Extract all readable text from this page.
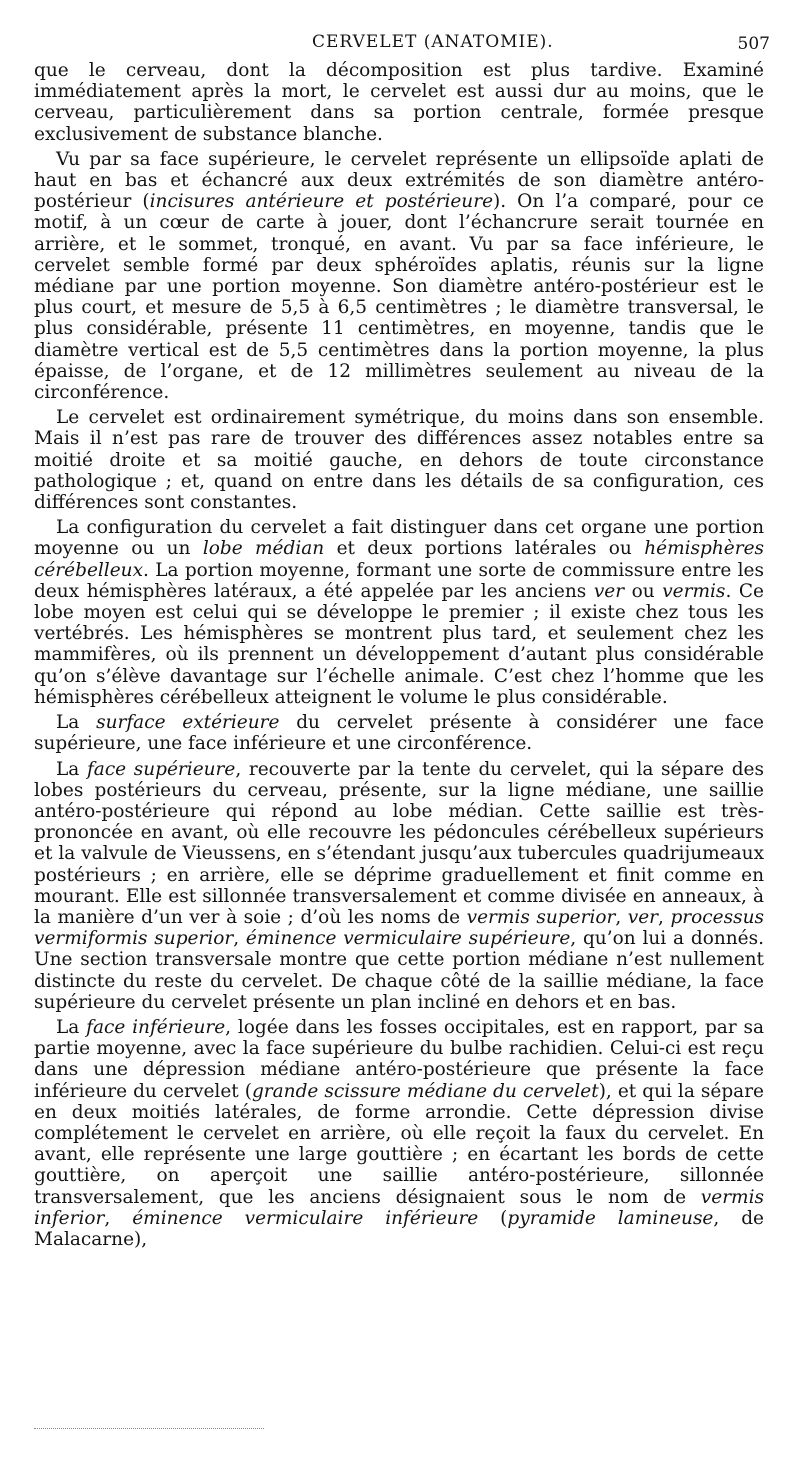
CERVELET (ANATOMIE).	507

que le cerveau, dont la décomposition est plus tardive. Examiné immédiatement après la mort, le cervelet est aussi dur au moins, que le cerveau, particulièrement dans sa portion centrale, formée presque exclusivement de substance blanche.

Vu par sa face supérieure, le cervelet représente un ellipsoïde aplati de haut en bas et échancré aux deux extrémités de son diamètre antéro-postérieur (incisures antérieure et postérieure). On l’a comparé, pour ce motif, à un cœur de carte à jouer, dont l’échancrure serait tournée en arrière, et le sommet, tronqué, en avant. Vu par sa face inférieure, le cervelet semble formé par deux sphéroïdes aplatis, réunis sur la ligne médiane par une portion moyenne. Son diamètre antéro-postérieur est le plus court, et mesure de 5,5 à 6,5 centimètres ; le diamètre transversal, le plus considérable, présente 11 centimètres, en moyenne, tandis que le diamètre vertical est de 5,5 centimètres dans la portion moyenne, la plus épaisse, de l’organe, et de 12 millimètres seulement au niveau de la circonférence.

Le cervelet est ordinairement symétrique, du moins dans son ensemble. Mais il n’est pas rare de trouver des différences assez notables entre sa moitié droite et sa moitié gauche, en dehors de toute circonstance pathologique ; et, quand on entre dans les détails de sa configuration, ces différences sont constantes.

La configuration du cervelet a fait distinguer dans cet organe une portion moyenne ou un lobe médian et deux portions latérales ou hémisphères cérébelleux. La portion moyenne, formant une sorte de commissure entre les deux hémisphères latéraux, a été appelée par les anciens ver ou vermis. Ce lobe moyen est celui qui se développe le premier ; il existe chez tous les vertébrés. Les hémisphères se montrent plus tard, et seulement chez les mammifères, où ils prennent un développement d’autant plus considérable qu’on s’élève davantage sur l’échelle animale. C’est chez l’homme que les hémisphères cérébelleux atteignent le volume le plus considérable.

La surface extérieure du cervelet présente à considérer une face supérieure, une face inférieure et une circonférence.

La face supérieure, recouverte par la tente du cervelet, qui la sépare des lobes postérieurs du cerveau, présente, sur la ligne médiane, une saillie antéro-postérieure qui répond au lobe médian. Cette saillie est très-prononcée en avant, où elle recouvre les pédoncules cérébelleux supérieurs et la valvule de Vieussens, en s’étendant jusqu’aux tubercules quadrijumeaux postérieurs ; en arrière, elle se déprime graduellement et finit comme en mourant. Elle est sillonnée transversalement et comme divisée en anneaux, à la manière d’un ver à soie ; d’où les noms de vermis superior, ver, processus vermiformis superior, éminence vermiculaire supérieure, qu’on lui a donnés. Une section transversale montre que cette portion médiane n’est nullement distincte du reste du cervelet. De chaque côté de la saillie médiane, la face supérieure du cervelet présente un plan incliné en dehors et en bas.

La face inférieure, logée dans les fosses occipitales, est en rapport, par sa partie moyenne, avec la face supérieure du bulbe rachidien. Celui-ci est reçu dans une dépression médiane antéro-postérieure que présente la face inférieure du cervelet (grande scissure médiane du cervelet), et qui la sépare en deux moitiés latérales, de forme arrondie. Cette dépression divise complétement le cervelet en arrière, où elle reçoit la faux du cervelet. En avant, elle représente une large gouttière ; en écartant les bords de cette gouttière, on aperçoit une saillie antéro-postérieure, sillonnée transversalement, que les anciens désignaient sous le nom de vermis inferior, éminence vermiculaire inférieure (pyramide lamineuse, de Malacarne),
